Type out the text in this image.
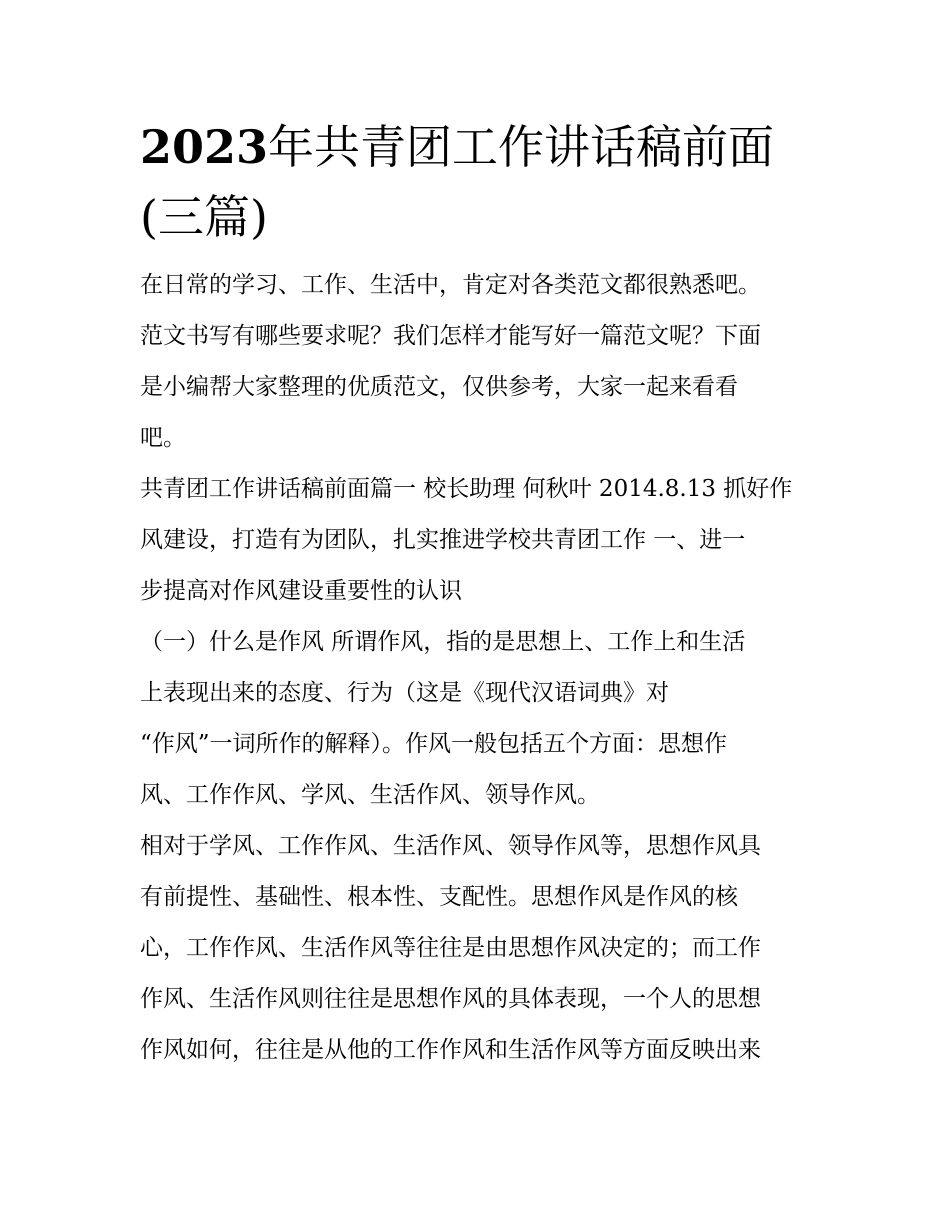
2023年共青团工作讲话稿前面
(三篇)
在日常的学习、工作、生活中，肯定对各类范文都很熟悉吧。
范文书写有哪些要求呢？我们怎样才能写好一篇范文呢？下面
是小编帮大家整理的优质范文，仅供参考，大家一起来看看
吧。
共青团工作讲话稿前面篇一 校长助理 何秋叶 2014.8.13 抓好作
风建设，打造有为团队，扎实推进学校共青团工作 一、进一
步提高对作风建设重要性的认识
（一）什么是作风 所谓作风，指的是思想上、工作上和生活
上表现出来的态度、行为（这是《现代汉语词典》对
“作风”一词所作的解释）。作风一般包括五个方面：思想作
风、工作作风、学风、生活作风、领导作风。
相对于学风、工作作风、生活作风、领导作风等，思想作风具
有前提性、基础性、根本性、支配性。思想作风是作风的核
心，工作作风、生活作风等往往是由思想作风决定的；而工作
作风、生活作风则往往是思想作风的具体表现，一个人的思想
作风如何，往往是从他的工作作风和生活作风等方面反映出来
